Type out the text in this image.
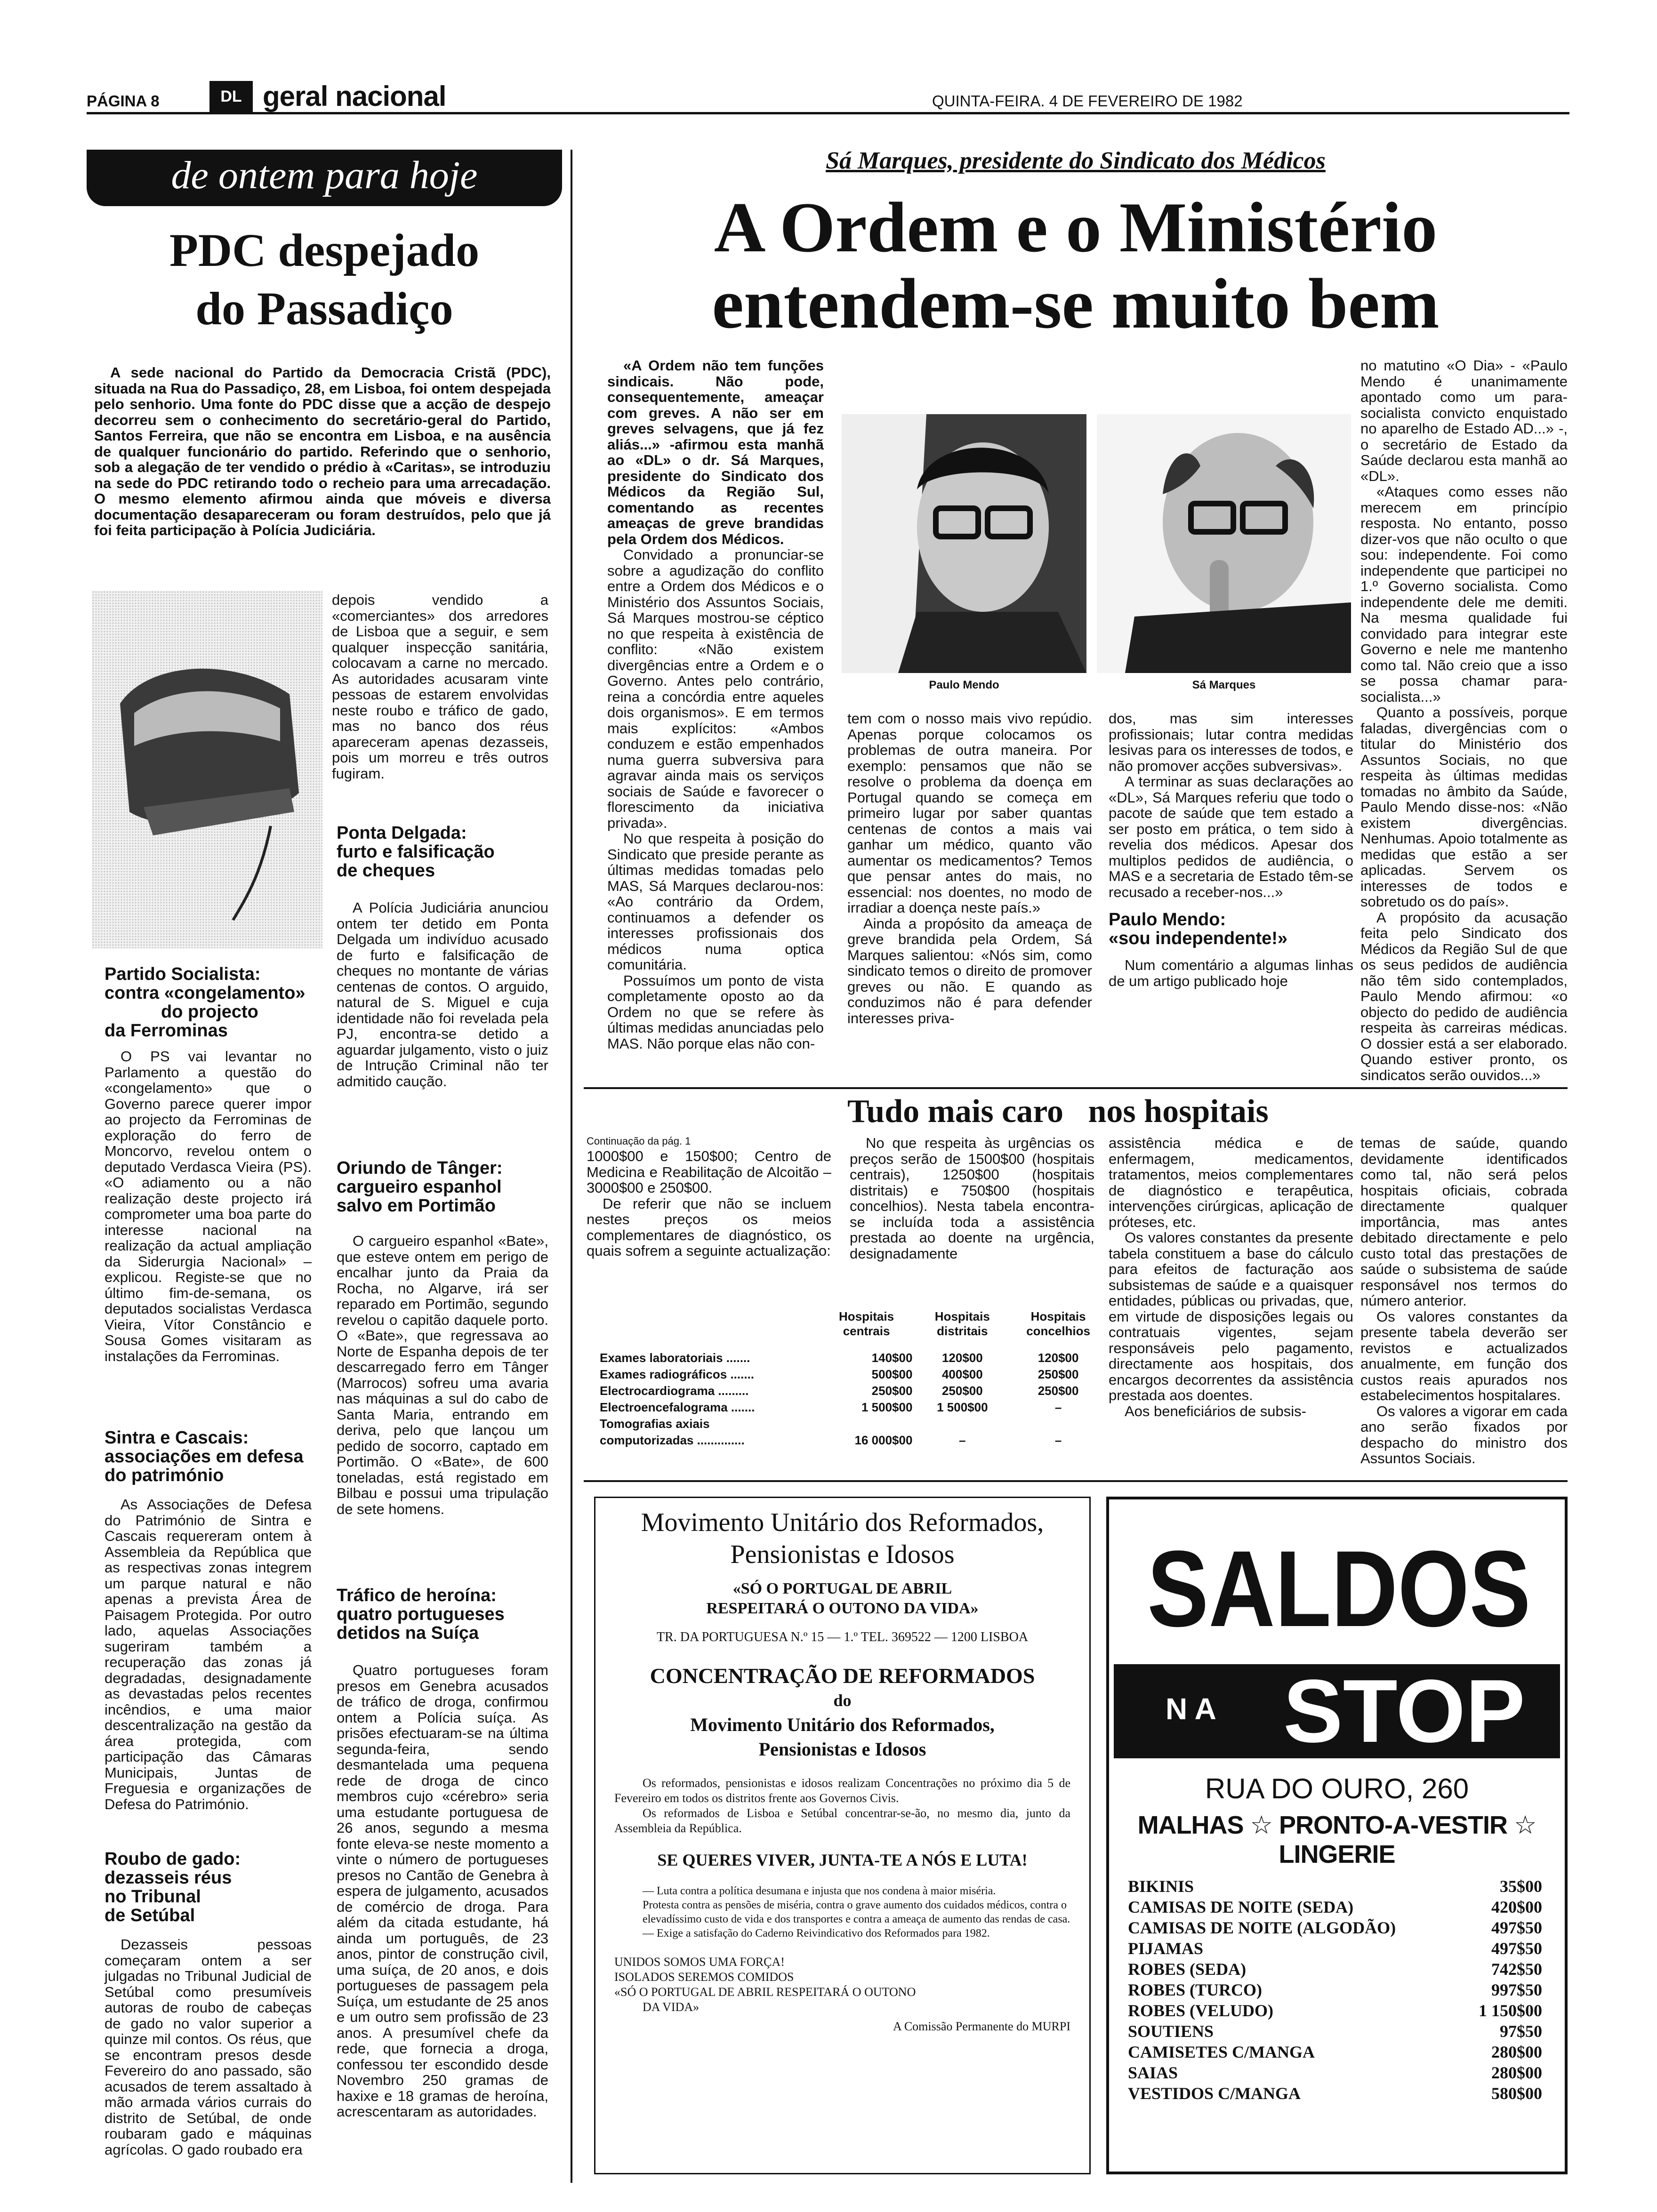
PÁGINA 8	DL geral nacional	QUINTA-FEIRA. 4 DE FEVEREIRO DE 1982
de ontem para hoje
PDC despejado
do Passadiço

A sede nacional do Partido da Democracia Cristã (PDC), situada na Rua do Passadiço, 28, em Lisboa, foi ontem despejada pelo senhorio. Uma fonte do PDC disse que a acção de despejo decorreu sem o conhecimento do secretário-geral do Partido, Santos Ferreira, que não se encontra em Lisboa, e na ausência de qualquer funcionário do partido. Referindo que o senhorio, sob a alegação de ter vendido o prédio à «Caritas», se introduziu na sede do PDC retirando todo o recheio para uma arrecadação. O mesmo elemento afirmou ainda que móveis e diversa documentação desapareceram ou foram destruídos, pelo que já foi feita participação à Polícia Judiciária.

Partido Socialista:
contra «congelamento»
do projecto
da Ferrominas

O PS vai levantar no Parlamento a questão do «congelamento» que o Governo parece querer impor ao projecto da Ferrominas de exploração do ferro de Moncorvo, revelou ontem o deputado Verdasca Vieira (PS). «O adiamento ou a não realização deste projecto irá comprometer uma boa parte do interesse nacional na realização da actual ampliação da Siderurgia Nacional» – explicou. Registe-se que no último fim-de-semana, os deputados socialistas Verdasca Vieira, Vítor Constâncio e Sousa Gomes visitaram as instalações da Ferrominas.

Sintra e Cascais:
associações em defesa
do património

As Associações de Defesa do Património de Sintra e Cascais requereram ontem à Assembleia da República que as respectivas zonas integrem um parque natural e não apenas a prevista Área de Paisagem Protegida. Por outro lado, aquelas Associações sugeriram também a recuperação das zonas já degradadas, designadamente as devastadas pelos recentes incêndios, e uma maior descentralização na gestão da área protegida, com participação das Câmaras Municipais, Juntas de Freguesia e organizações de Defesa do Património.

Roubo de gado:
dezasseis réus
no Tribunal
de Setúbal

Dezasseis pessoas começaram ontem a ser julgadas no Tribunal Judicial de Setúbal como presumíveis autoras de roubo de cabeças de gado no valor superior a quinze mil contos. Os réus, que se encontram presos desde Fevereiro do ano passado, são acusados de terem assaltado à mão armada vários currais do distrito de Setúbal, de onde roubaram gado e máquinas agrícolas. O gado roubado era

depois vendido a «comerciantes» dos arredores de Lisboa que a seguir, e sem qualquer inspecção sanitária, colocavam a carne no mercado. As autoridades acusaram vinte pessoas de estarem envolvidas neste roubo e tráfico de gado, mas no banco dos réus apareceram apenas dezasseis, pois um morreu e três outros fugiram.

Ponta Delgada:
furto e falsificação
de cheques

A Polícia Judiciária anunciou ontem ter detido em Ponta Delgada um indivíduo acusado de furto e falsificação de cheques no montante de várias centenas de contos. O arguido, natural de S. Miguel e cuja identidade não foi revelada pela PJ, encontra-se detido a aguardar julgamento, visto o juiz de Intrução Criminal não ter admitido caução.

Oriundo de Tânger:
cargueiro espanhol
salvo em Portimão

O cargueiro espanhol «Bate», que esteve ontem em perigo de encalhar junto da Praia da Rocha, no Algarve, irá ser reparado em Portimão, segundo revelou o capitão daquele porto. O «Bate», que regressava ao Norte de Espanha depois de ter descarregado ferro em Tânger (Marrocos) sofreu uma avaria nas máquinas a sul do cabo de Santa Maria, entrando em deriva, pelo que lançou um pedido de socorro, captado em Portimão. O «Bate», de 600 toneladas, está registado em Bilbau e possui uma tripulação de sete homens.

Tráfico de heroína:
quatro portugueses
detidos na Suíça

Quatro portugueses foram presos em Genebra acusados de tráfico de droga, confirmou ontem a Polícia suíça. As prisões efectuaram-se na última segunda-feira, sendo desmantelada uma pequena rede de droga de cinco membros cujo «cérebro» seria uma estudante portuguesa de 26 anos, segundo a mesma fonte eleva-se neste momento a vinte o número de portugueses presos no Cantão de Genebra à espera de julgamento, acusados de comércio de droga. Para além da citada estudante, há ainda um português, de 23 anos, pintor de construção civil, uma suíça, de 20 anos, e dois portugueses de passagem pela Suíça, um estudante de 25 anos e um outro sem profissão de 23 anos. A presumível chefe da rede, que fornecia a droga, confessou ter escondido desde Novembro 250 gramas de haxixe e 18 gramas de heroína, acrescentaram as autoridades.

Sá Marques, presidente do Sindicato dos Médicos
A Ordem e o Ministério
entendem-se muito bem

«A Ordem não tem funções sindicais. Não pode, consequentemente, ameaçar com greves. A não ser em greves selvagens, que já fez aliás...» -afirmou esta manhã ao «DL» o dr. Sá Marques, presidente do Sindicato dos Médicos da Região Sul, comentando as recentes ameaças de greve brandidas pela Ordem dos Médicos.

Convidado a pronunciar-se sobre a agudização do conflito entre a Ordem dos Médicos e o Ministério dos Assuntos Sociais, Sá Marques mostrou-se céptico no que respeita à existência de conflito: «Não existem divergências entre a Ordem e o Governo. Antes pelo contrário, reina a concórdia entre aqueles dois organismos». E em termos mais explícitos: «Ambos conduzem e estão empenhados numa guerra subversiva para agravar ainda mais os serviços sociais de Saúde e favorecer o florescimento da iniciativa privada».

No que respeita à posição do Sindicato que preside perante as últimas medidas tomadas pelo MAS, Sá Marques declarou-nos: «Ao contrário da Ordem, continuamos a defender os interesses profissionais dos médicos numa optica comunitária.

Possuímos um ponto de vista completamente oposto ao da Ordem no que se refere às últimas medidas anunciadas pelo MAS. Não porque elas não con-

Paulo Mendo	Sá Marques

tem com o nosso mais vivo repúdio. Apenas porque colocamos os problemas de outra maneira. Por exemplo: pensamos que não se resolve o problema da doença em Portugal quando se começa em primeiro lugar por saber quantas centenas de contos a mais vai ganhar um médico, quanto vão aumentar os medicamentos? Temos que pensar antes do mais, no essencial: nos doentes, no modo de irradiar a doença neste país.»

Ainda a propósito da ameaça de greve brandida pela Ordem, Sá Marques salientou: «Nós sim, como sindicato temos o direito de promover greves ou não. E quando as conduzimos não é para defender interesses priva-

dos, mas sim interesses profissionais; lutar contra medidas lesivas para os interesses de todos, e não promover acções subversivas».

A terminar as suas declarações ao «DL», Sá Marques referiu que todo o pacote de saúde que tem estado a ser posto em prática, o tem sido à revelia dos médicos. Apesar dos multiplos pedidos de audiência, o MAS e a secretaria de Estado têm-se recusado a receber-nos...»

Paulo Mendo:
«sou independente!»

Num comentário a algumas linhas de um artigo publicado hoje

no matutino «O Dia» - «Paulo Mendo é unanimamente apontado como um para-socialista convicto enquistado no aparelho de Estado AD...» -, o secretário de Estado da Saúde declarou esta manhã ao «DL».

«Ataques como esses não merecem em princípio resposta. No entanto, posso dizer-vos que não oculto o que sou: independente. Foi como independente que participei no 1.º Governo socialista. Como independente dele me demiti. Na mesma qualidade fui convidado para integrar este Governo e nele me mantenho como tal. Não creio que a isso se possa chamar para-socialista...»

Quanto a possíveis, porque faladas, divergências com o titular do Ministério dos Assuntos Sociais, no que respeita às últimas medidas tomadas no âmbito da Saúde, Paulo Mendo disse-nos: «Não existem divergências. Nenhumas. Apoio totalmente as medidas que estão a ser aplicadas. Servem os interesses de todos e sobretudo os do país».

A propósito da acusação feita pelo Sindicato dos Médicos da Região Sul de que os seus pedidos de audiência não têm sido contemplados, Paulo Mendo afirmou: «o objecto do pedido de audiência respeita às carreiras médicas. O dossier está a ser elaborado. Quando estiver pronto, os sindicatos serão ouvidos...»

Tudo mais caro nos hospitais
Continuação da pág. 1

1000$00 e 150$00; Centro de Medicina e Reabilitação de Alcoitão – 3000$00 e 250$00.

De referir que não se incluem nestes preços os meios complementares de diagnóstico, os quais sofrem a seguinte actualização:

No que respeita às urgências os preços serão de 1500$00 (hospitais centrais), 1250$00 (hospitais distritais) e 750$00 (hospitais concelhios). Nesta tabela encontra-se incluída toda a assistência prestada ao doente na urgência, designadamente

assistência médica e de enfermagem, medicamentos, tratamentos, meios complementares de diagnóstico e terapêutica, intervenções cirúrgicas, aplicação de próteses, etc.

Os valores constantes da presente tabela constituem a base do cálculo para efeitos de facturação aos subsistemas de saúde e a quaisquer entidades, públicas ou privadas, que, em virtude de disposições legais ou contratuais vigentes, sejam responsáveis pelo pagamento, directamente aos hospitais, dos encargos decorrentes da assistência prestada aos doentes.

Aos beneficiários de subsis-

temas de saúde, quando devidamente identificados como tal, não será pelos hospitais oficiais, cobrada directamente qualquer importância, mas antes debitado directamente e pelo custo total das prestações de saúde o subsistema de saúde responsável nos termos do número anterior.

Os valores constantes da presente tabela deverão ser revistos e actualizados anualmente, em função dos custos reais apurados nos estabelecimentos hospitalares.

Os valores a vigorar em cada ano serão fixados por despacho do ministro dos Assuntos Sociais.

	Hospitais centrais	Hospitais distritais	Hospitais concelhios

Exames laboratoriais .......	140$00	120$00	120$00
Exames radiográficos .......	500$00	400$00	250$00
Electrocardiograma .........	250$00	250$00	250$00
Electroencefalograma .......	1 500$00	1 500$00	–
Tomografias axiais			
computorizadas ..............	16 000$00	–	–
Movimento Unitário dos Reformados,
Pensionistas e Idosos
«SÓ O PORTUGAL DE ABRIL
RESPEITARÁ O OUTONO DA VIDA»
TR. DA PORTUGUESA N.º 15 — 1.º TEL. 369522 — 1200 LISBOA
CONCENTRAÇÃO DE REFORMADOS
do
Movimento Unitário dos Reformados,
Pensionistas e Idosos

Os reformados, pensionistas e idosos realizam Concentrações no próximo dia 5 de Fevereiro em todos os distritos frente aos Governos Civis.

Os reformados de Lisboa e Setúbal concentrar-se-ão, no mesmo dia, junto da Assembleia da República.

SE QUERES VIVER, JUNTA-TE A NÓS E LUTA!

— Luta contra a política desumana e injusta que nos condena à maior miséria.

Protesta contra as pensões de miséria, contra o grave aumento dos cuidados médicos, contra o elevadíssimo custo de vida e dos transportes e contra a ameaça de aumento das rendas de casa.

— Exige a satisfação do Caderno Reivindicativo dos Reformados para 1982.

UNIDOS SOMOS UMA FORÇA!
ISOLADOS SEREMOS COMIDOS
«SÓ O PORTUGAL DE ABRIL RESPEITARÁ O OUTONO
DA VIDA»
A Comissão Permanente do MURPI
SALDOS
N A STOP
RUA DO OURO, 260
MALHAS ☆ PRONTO-A-VESTIR ☆ LINGERIE
BIKINIS	35$00
CAMISAS DE NOITE (SEDA)	420$00
CAMISAS DE NOITE (ALGODÃO)	497$50
PIJAMAS	497$50
ROBES (SEDA)	742$50
ROBES (TURCO)	997$50
ROBES (VELUDO)	1 150$00
SOUTIENS	97$50
CAMISETES C/MANGA	280$00
SAIAS	280$00
VESTIDOS C/MANGA	580$00
